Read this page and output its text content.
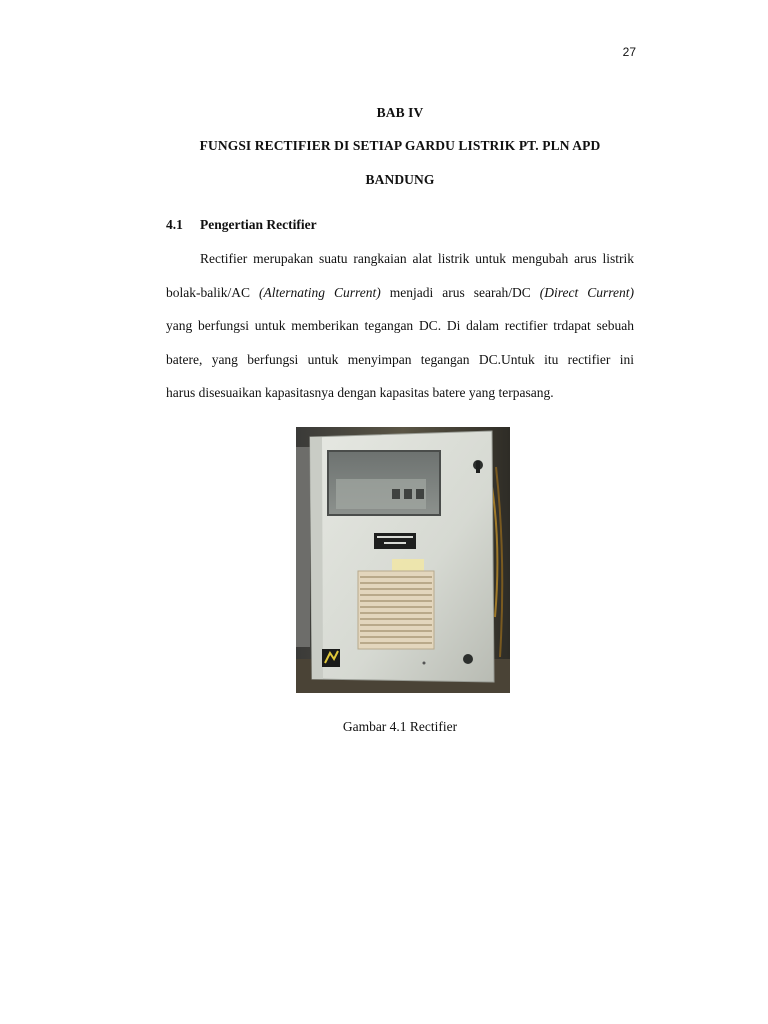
27
BAB IV
FUNGSI RECTIFIER DI SETIAP GARDU LISTRIK PT. PLN APD
BANDUNG
4.1 Pengertian Rectifier
Rectifier merupakan suatu rangkaian alat listrik untuk mengubah arus listrik
bolak-balik/AC (Alternating Current) menjadi arus searah/DC (Direct Current)
yang berfungsi untuk memberikan tegangan DC. Di dalam rectifier trdapat sebuah
batere, yang berfungsi untuk menyimpan tegangan DC.Untuk itu rectifier ini
harus disesuaikan kapasitasnya dengan kapasitas batere yang terpasang.
Gambar 4.1 Rectifier
